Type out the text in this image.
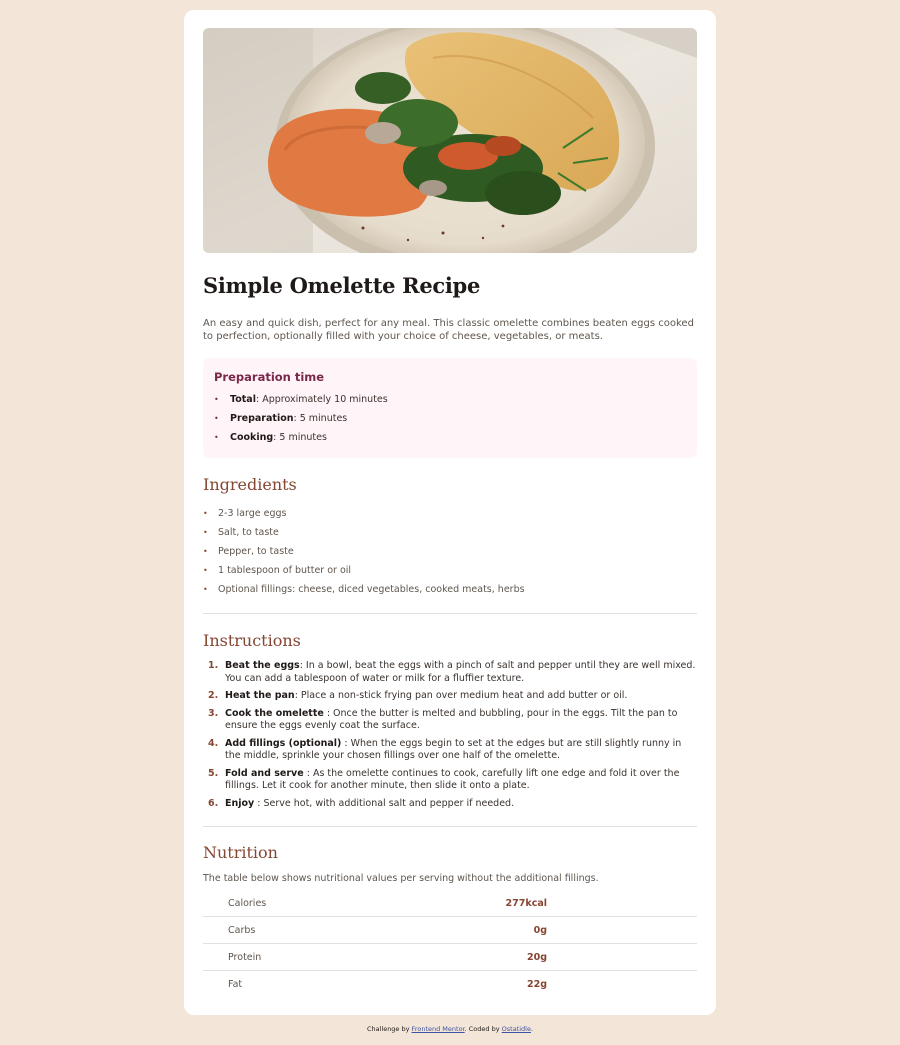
Simple Omelette Recipe

An easy and quick dish, perfect for any meal. This classic omelette combines beaten eggs cooked to perfection, optionally filled with your choice of cheese, vegetables, or meats.

Preparation time
• Total: Approximately 10 minutes
• Preparation: 5 minutes
• Cooking: 5 minutes
Ingredients
• 2-3 large eggs
• Salt, to taste
• Pepper, to taste
• 1 tablespoon of butter or oil
• Optional fillings: cheese, diced vegetables, cooked meats, herbs
Instructions
1. Beat the eggs: In a bowl, beat the eggs with a pinch of salt and pepper until they are well mixed. You can add a tablespoon of water or milk for a fluffier texture.
2. Heat the pan: Place a non-stick frying pan over medium heat and add butter or oil.
3. Cook the omelette : Once the butter is melted and bubbling, pour in the eggs. Tilt the pan to ensure the eggs evenly coat the surface.
4. Add fillings (optional) : When the eggs begin to set at the edges but are still slightly runny in the middle, sprinkle your chosen fillings over one half of the omelette.
5. Fold and serve : As the omelette continues to cook, carefully lift one edge and fold it over the fillings. Let it cook for another minute, then slide it onto a plate.
6. Enjoy : Serve hot, with additional salt and pepper if needed.
Nutrition

The table below shows nutritional values per serving without the additional fillings.

Calories	277kcal
Carbs	0g
Protein	20g
Fat	22g
Challenge by Frontend Mentor. Coded by Ostatidle.
